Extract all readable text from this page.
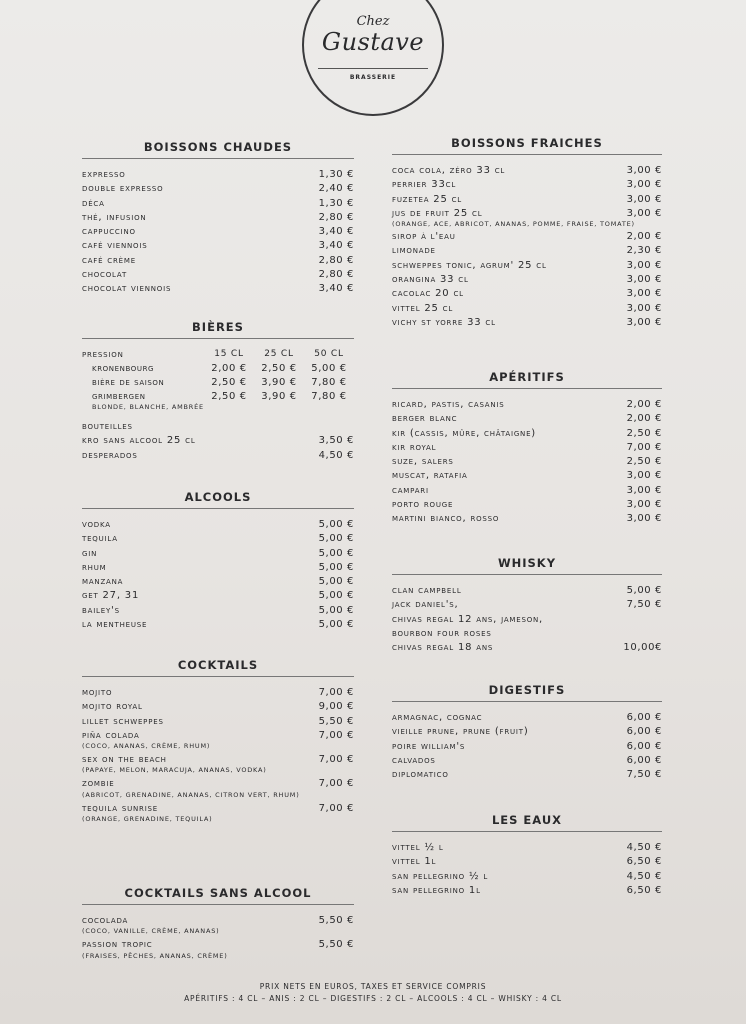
Chez
Gustave
BRASSERIE
BOISSONS CHAUDES
expresso	1,30 €
double expresso	2,40 €
déca	1,30 €
thé, infusion	2,80 €
cappuccino	3,40 €
café viennois	3,40 €
café crème	2,80 €
chocolat	2,80 €
chocolat viennois	3,40 €
BIÈRES
pression	15 CL	25 CL	50 CL
kronenbourg	2,00 €	2,50 €	5,00 €
bière de saison	2,50 €	3,90 €	7,80 €
grimbergen	2,50 €	3,90 €	7,80 €
BLONDE, BLANCHE, AMBRÉE
bouteilles
kro sans alcool 25 cl	3,50 €
desperados	4,50 €
ALCOOLS
vodka	5,00 €
tequila	5,00 €
gin	5,00 €
rhum	5,00 €
manzana	5,00 €
get 27, 31	5,00 €
bailey's	5,00 €
la mentheuse	5,00 €
COCKTAILS
mojito	7,00 €
mojito royal	9,00 €
lillet schweppes	5,50 €
piña colada	7,00 €
(COCO, ANANAS, CRÈME, RHUM)
sex on the beach	7,00 €
(PAPAYE, MELON, MARACUJA, ANANAS, VODKA)
zombie	7,00 €
(ABRICOT, GRENADINE, ANANAS, CITRON VERT, RHUM)
tequila sunrise	7,00 €
(ORANGE, GRENADINE, TEQUILA)
COCKTAILS SANS ALCOOL
cocolada	5,50 €
(COCO, VANILLE, CRÈME, ANANAS)
passion tropic	5,50 €
(FRAISES, PÊCHES, ANANAS, CRÈME)
BOISSONS FRAICHES
coca cola, zéro 33 cl	3,00 €
perrier 33cl	3,00 €
fuzetea 25 cl	3,00 €
jus de fruit 25 cl	3,00 €
(ORANGE, ACE, ABRICOT, ANANAS, POMME, FRAISE, TOMATE)
sirop à l'eau	2,00 €
limonade	2,30 €
schweppes tonic, agrum' 25 cl	3,00 €
orangina 33 cl	3,00 €
cacolac 20 cl	3,00 €
vittel 25 cl	3,00 €
vichy st yorre 33 cl	3,00 €
APÉRITIFS
ricard, pastis, casanis	2,00 €
berger blanc	2,00 €
kir (cassis, mûre, châtaigne)	2,50 €
kir royal	7,00 €
suze, salers	2,50 €
muscat, ratafia	3,00 €
campari	3,00 €
porto rouge	3,00 €
martini bianco, rosso	3,00 €
WHISKY
clan campbell	5,00 €
jack daniel's,	7,50 €
chivas regal 12 ans, jameson,
bourbon four roses
chivas regal 18 ans	10,00€
DIGESTIFS
armagnac, cognac	6,00 €
vieille prune, prune (fruit)	6,00 €
poire william's	6,00 €
calvados	6,00 €
diplomatico	7,50 €
LES EAUX
vittel ½ l	4,50 €
vittel 1l	6,50 €
san pellegrino ½ l	4,50 €
san pellegrino 1l	6,50 €
PRIX NETS EN EUROS, TAXES ET SERVICE COMPRIS
APÉRITIFS : 4 CL – ANIS : 2 CL – DIGESTIFS : 2 CL – ALCOOLS : 4 CL – WHISKY : 4 CL
